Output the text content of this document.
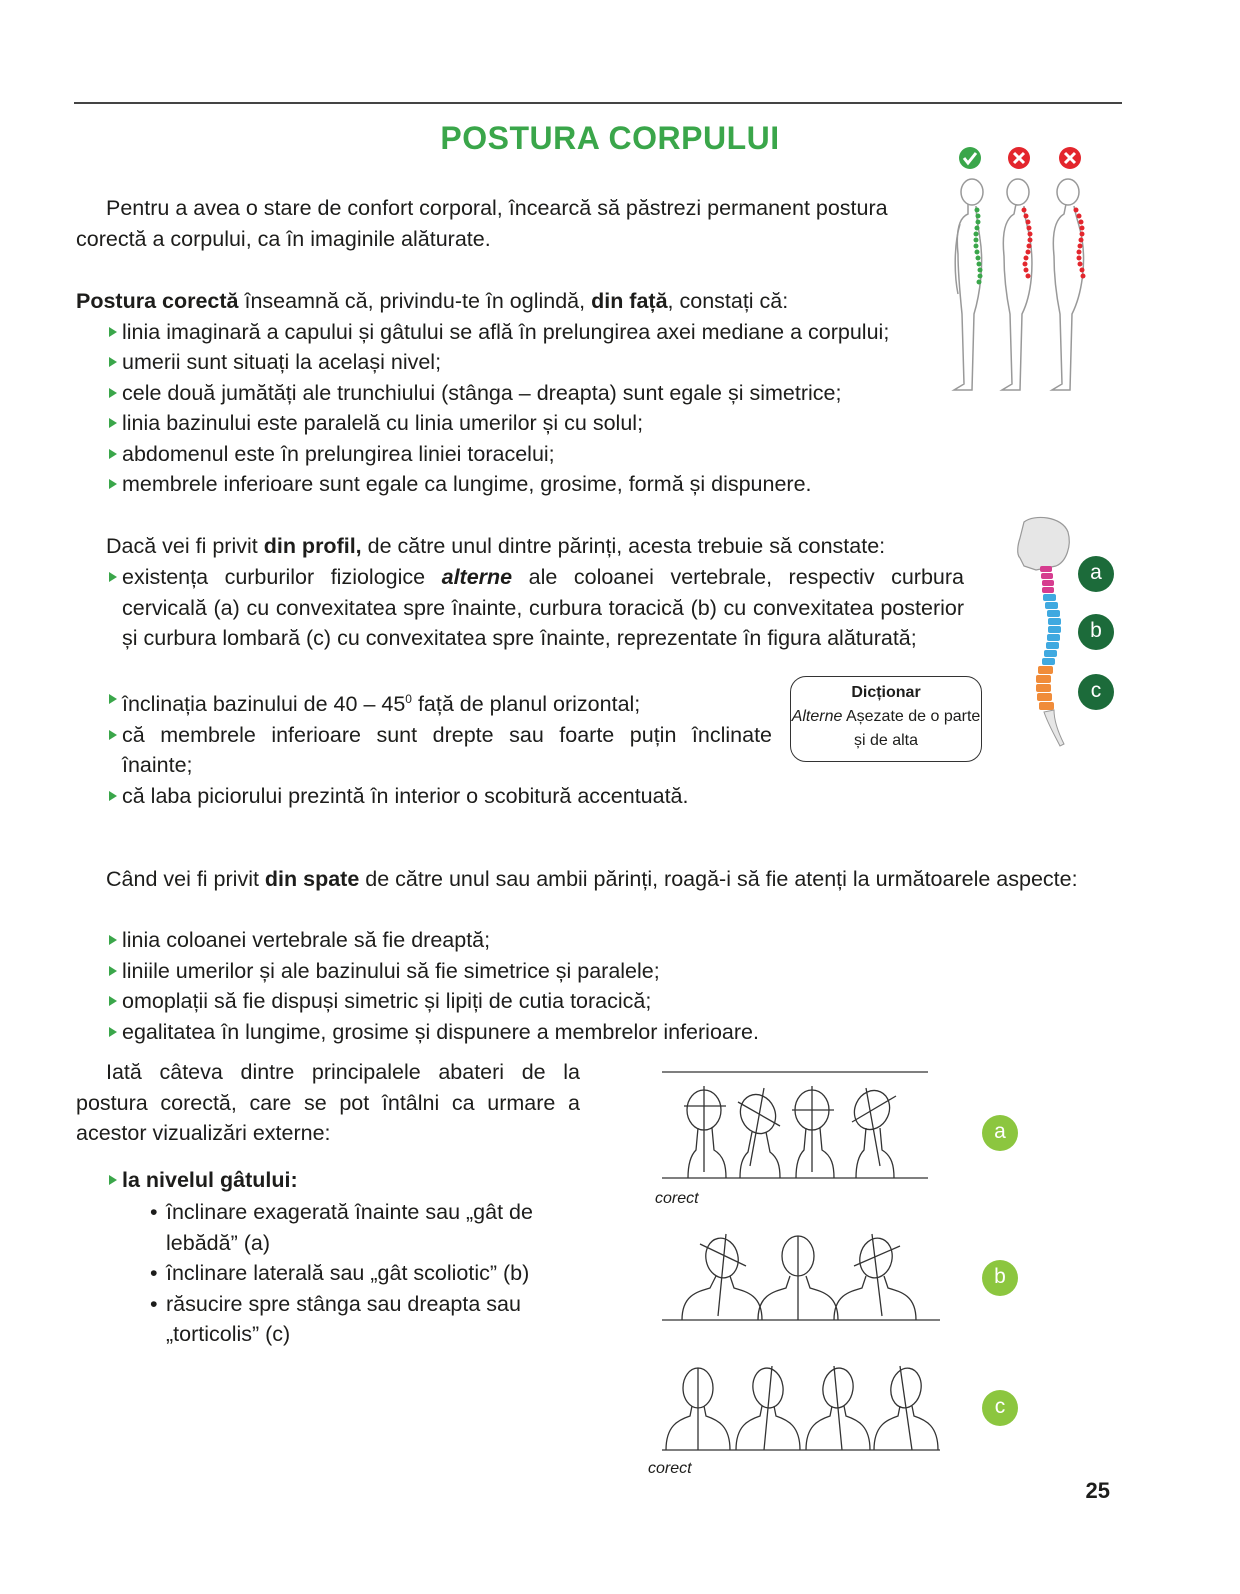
POSTURA CORPULUI
Pentru a avea o stare de confort corporal, încearcă să păstrezi permanent postura corectă a corpului, ca în imaginile alăturate.
Postura corectă înseamnă că, privindu-te în oglindă, din față, constați că:
linia imaginară a capului și gâtului se află în prelungirea axei mediane a corpului;
umerii sunt situați la același nivel;
cele două jumătăți ale trunchiului (stânga – dreapta) sunt egale și simetrice;
linia bazinului este paralelă cu linia umerilor și cu solul;
abdomenul este în prelungirea liniei toracelui;
membrele inferioare sunt egale ca lungime, grosime, formă și dispunere.
Dacă vei fi privit din profil, de către unul dintre părinți, acesta trebuie să constate:
existența curburilor fiziologice alterne ale coloanei vertebrale, respectiv curbura cervicală (a) cu convexitatea spre înainte, curbura toracică (b) cu convexitatea posterior și curbura lombară (c) cu convexitatea spre înainte, reprezentate în figura alăturată;
înclinația bazinului de $40 - 45^0$ față de planul orizontal;
că membrele inferioare sunt drepte sau foarte puțin înclinate înainte;
că laba piciorului prezintă în interior o scobitură accentuată.
Dicționar
Alterne Așezate de o parte și de alta
a
b
c
Când vei fi privit din spate de către unul sau ambii părinți, roagă-i să fie atenți la următoarele aspecte:
linia coloanei vertebrale să fie dreaptă;
liniile umerilor și ale bazinului să fie simetrice și paralele;
omoplații să fie dispuși simetric și lipiți de cutia toracică;
egalitatea în lungime, grosime și dispunere a membrelor inferioare.
Iată câteva dintre principalele abateri de la postura corectă, care se pot întâlni ca urmare a acestor vizualizări externe:
la nivelul gâtului:
• înclinare exagerată înainte sau „gât de lebădă” (a)
• înclinare laterală sau „gât scoliotic” (b)
• răsucire spre stânga sau dreapta sau „torticolis” (c)
corect
corect
a
b
c
25
